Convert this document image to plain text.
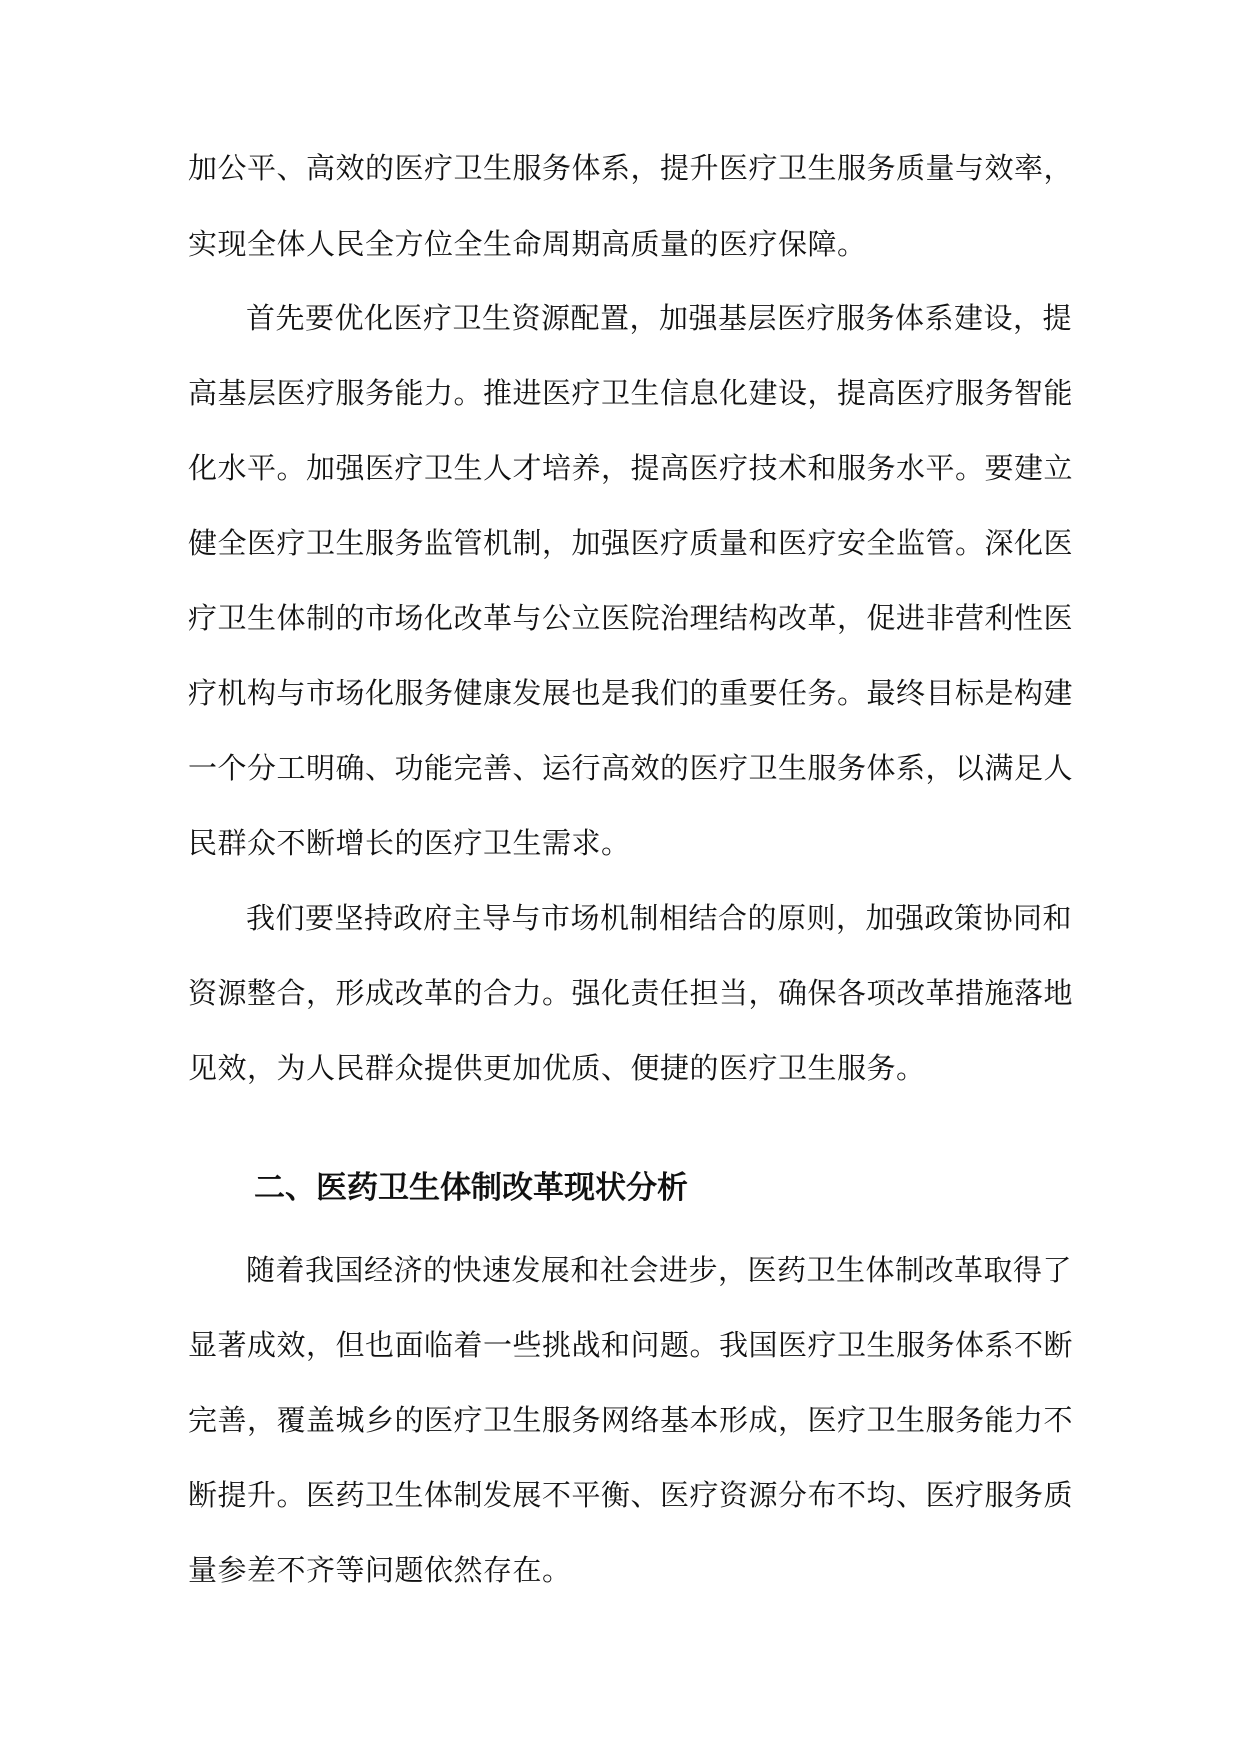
加公平、高效的医疗卫生服务体系，提升医疗卫生服务质量与效率，
实现全体人民全方位全生命周期高质量的医疗保障。
首先要优化医疗卫生资源配置，加强基层医疗服务体系建设，提
高基层医疗服务能力。推进医疗卫生信息化建设，提高医疗服务智能
化水平。加强医疗卫生人才培养，提高医疗技术和服务水平。要建立
健全医疗卫生服务监管机制，加强医疗质量和医疗安全监管。深化医
疗卫生体制的市场化改革与公立医院治理结构改革，促进非营利性医
疗机构与市场化服务健康发展也是我们的重要任务。最终目标是构建
一个分工明确、功能完善、运行高效的医疗卫生服务体系，以满足人
民群众不断增长的医疗卫生需求。
我们要坚持政府主导与市场机制相结合的原则，加强政策协同和
资源整合，形成改革的合力。强化责任担当，确保各项改革措施落地
见效，为人民群众提供更加优质、便捷的医疗卫生服务。
二、医药卫生体制改革现状分析
随着我国经济的快速发展和社会进步，医药卫生体制改革取得了
显著成效，但也面临着一些挑战和问题。我国医疗卫生服务体系不断
完善，覆盖城乡的医疗卫生服务网络基本形成，医疗卫生服务能力不
断提升。医药卫生体制发展不平衡、医疗资源分布不均、医疗服务质
量参差不齐等问题依然存在。
